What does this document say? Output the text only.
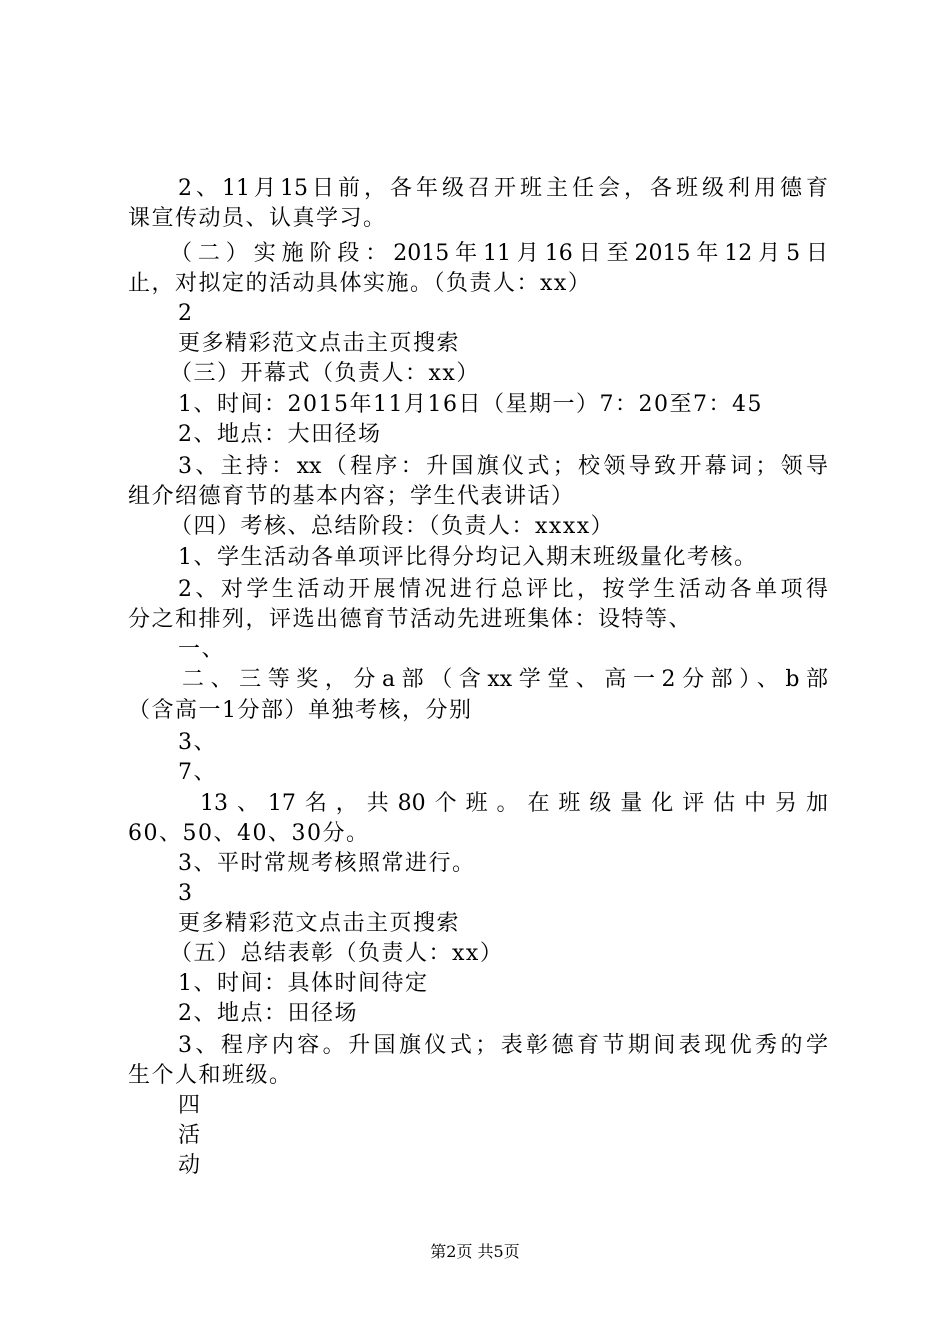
2、11月15日前，各年级召开班主任会，各班级利用德育
课宣传动员、认真学习。
（二）实施阶段：2015年11月16日至2015年12月5日
止，对拟定的活动具体实施。（负责人：xx）
2
更多精彩范文点击主页搜索
（三）开幕式（负责人：xx）
1、时间：2015年11月16日（星期一）7：20至7：45
2、地点：大田径场
3、主持：xx（程序：升国旗仪式；校领导致开幕词；领导
组介绍德育节的基本内容；学生代表讲话）
（四）考核、总结阶段：（负责人：xxxx）
1、学生活动各单项评比得分均记入期末班级量化考核。
2、对学生活动开展情况进行总评比，按学生活动各单项得
分之和排列，评选出德育节活动先进班集体：设特等、
一、
二、三等奖，分a部（含xx学堂、高一2分部）、b部
（含高一1分部）单独考核，分别
3、
7、
13、17名，共80个班。在班级量化评估中另加
60、50、40、30分。
3、平时常规考核照常进行。
3
更多精彩范文点击主页搜索
（五）总结表彰（负责人：xx）
1、时间：具体时间待定
2、地点：田径场
3、程序内容。升国旗仪式；表彰德育节期间表现优秀的学
生个人和班级。
四
活
动
第2页 共5页
